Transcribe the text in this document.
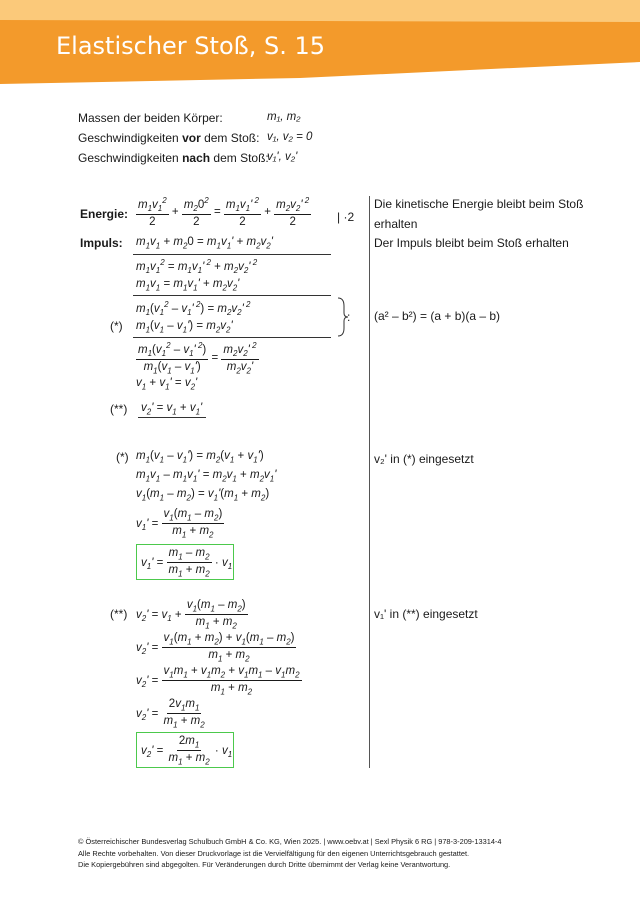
Elastischer Stoß, S. 15
Massen der beiden Körper:	m₁, m₂
Geschwindigkeiten vor dem Stoß: v₁, v₂ = 0
Geschwindigkeiten nach dem Stoß:
v₁', v₂'
Energie: $\frac{m_1v_1^2}{2} + \frac{m_20^2}{2} = \frac{m_1v_1' ^2}{2} + \frac{m_2v_2' ^2}{2}$ | ·2
Die kinetische Energie bleibt beim Stoß
erhalten
Impuls: $m_1v_1 + m_20 = m_1v_1' + m_2v_2'$	Der Impuls bleibt beim Stoß erhalten
$m_1v_1^2 = m_1v_1'$ $^2 + m_2v_2'$ $^2$
$m_1v_1 = m_1v_1' + m_2v_2'$
$m_1(v_1^2 - v_1'$ $^2) = m_2v_2'$ $^2$
(*) $m_1(v_1 - v_1') = m_2v_2'$
: (a² – b²) = (a + b)(a – b)
$\frac{m_1(v_1^2 - v_1' ^2)}{m_1(v_1 - v_1')} = \frac{m_2v_2' ^2}{m_2v_2'}$
$v_1 + v_1' = v_2'$
(**) $v_2' = v_1 + v_1'$
(*) $m_1(v_1 - v_1') = m_2(v_1 + v_1')$
$m_1v_1 - m_1v_1' = m_2v_1 + m_2v_1'$
$v_1(m_1 - m_2) = v_1'(m_1 + m_2)$
v₂' in (*) eingesetzt
$v_1' = \frac{v_1(m_1 - m_2)}{m_1 + m_2}$
$v_1' = \frac{m_1 - m_2}{m_1 + m_2} \cdot v_1$
(**) $v_2' = v_1 + \frac{v_1(m_1 - m_2)}{m_1 + m_2}$	v₁' in (**) eingesetzt
$v_2' = \frac{v_1(m_1 + m_2) + v_1(m_1 - m_2)}{m_1 + m_2}$
$v_2' = \frac{v_1m_1 + v_1m_2 + v_1m_1 - v_1m_2}{m_1 + m_2}$
$v_2' = \frac{2v_1m_1}{m_1 + m_2}$
$v_2' = \frac{2m_1}{m_1 + m_2} \cdot v_1$
© Österreichischer Bundesverlag Schulbuch GmbH & Co. KG, Wien 2025. | www.oebv.at | Sexl Physik 6 RG | 978-3-209-13314-4
Alle Rechte vorbehalten. Von dieser Druckvorlage ist die Vervielfältigung für den eigenen Unterrichtsgebrauch gestattet.
Die Kopiergebühren sind abgegolten. Für Veränderungen durch Dritte übernimmt der Verlag keine Verantwortung.
